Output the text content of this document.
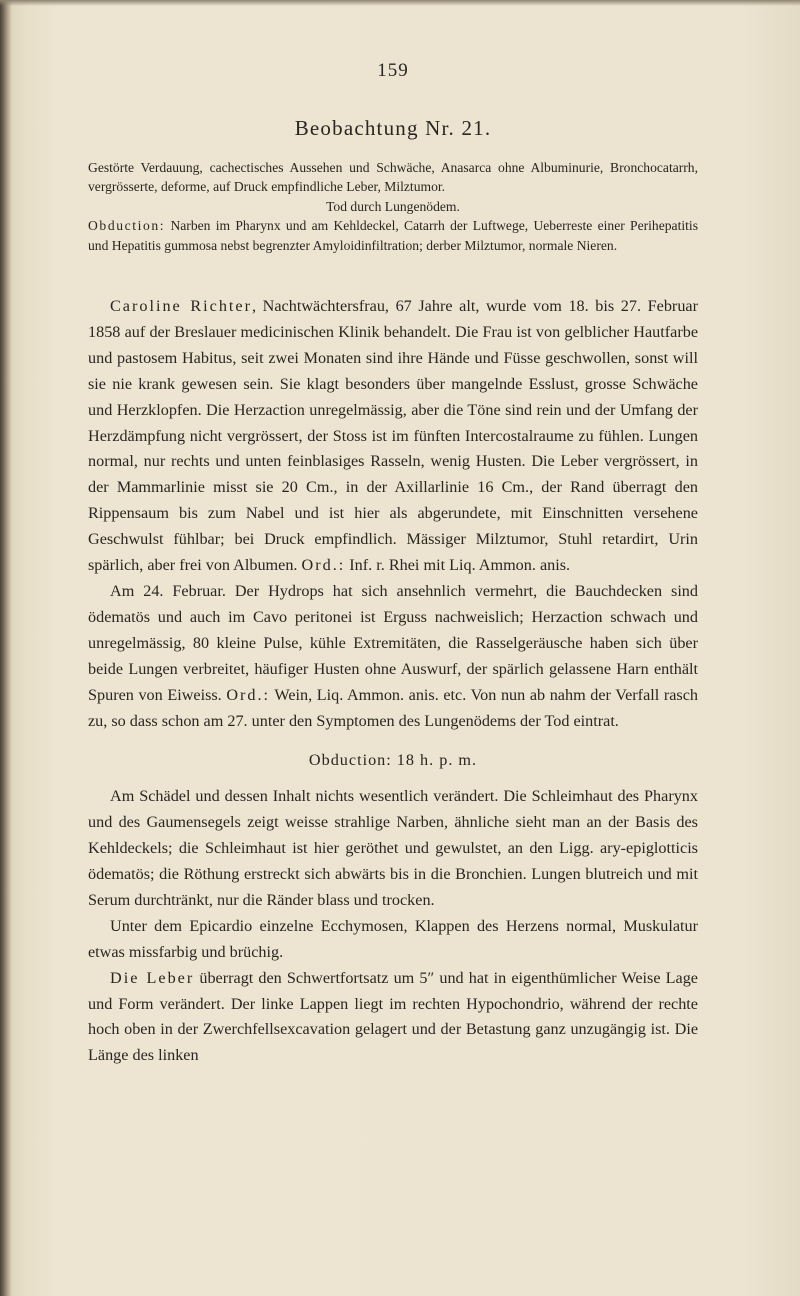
159
Beobachtung Nr. 21.

Gestörte Verdauung, cachectisches Aussehen und Schwäche, Anasarca ohne Albuminurie, Bronchocatarrh, vergrösserte, deforme, auf Druck empfindliche Leber, Milztumor.

Tod durch Lungenödem.

Obduction: Narben im Pharynx und am Kehldeckel, Catarrh der Luftwege, Ueberreste einer Perihepatitis und Hepatitis gummosa nebst begrenzter Amyloidinfiltration; derber Milztumor, normale Nieren.

Caroline Richter, Nachtwächtersfrau, 67 Jahre alt, wurde vom 18. bis 27. Februar 1858 auf der Breslauer medicinischen Klinik behandelt. Die Frau ist von gelblicher Hautfarbe und pastosem Habitus, seit zwei Monaten sind ihre Hände und Füsse geschwollen, sonst will sie nie krank gewesen sein. Sie klagt besonders über mangelnde Esslust, grosse Schwäche und Herzklopfen. Die Herzaction unregelmässig, aber die Töne sind rein und der Umfang der Herzdämpfung nicht vergrössert, der Stoss ist im fünften Intercostalraume zu fühlen. Lungen normal, nur rechts und unten feinblasiges Rasseln, wenig Husten. Die Leber vergrössert, in der Mammarlinie misst sie 20 Cm., in der Axillarlinie 16 Cm., der Rand überragt den Rippensaum bis zum Nabel und ist hier als abgerundete, mit Einschnitten versehene Geschwulst fühlbar; bei Druck empfindlich. Mässiger Milztumor, Stuhl retardirt, Urin spärlich, aber frei von Albumen. Ord.: Inf. r. Rhei mit Liq. Ammon. anis.

Am 24. Februar. Der Hydrops hat sich ansehnlich vermehrt, die Bauchdecken sind ödematös und auch im Cavo peritonei ist Erguss nachweislich; Herzaction schwach und unregelmässig, 80 kleine Pulse, kühle Extremitäten, die Rasselgeräusche haben sich über beide Lungen verbreitet, häufiger Husten ohne Auswurf, der spärlich gelassene Harn enthält Spuren von Eiweiss. Ord.: Wein, Liq. Ammon. anis. etc. Von nun ab nahm der Verfall rasch zu, so dass schon am 27. unter den Symptomen des Lungenödems der Tod eintrat.

Obduction: 18 h. p. m.

Am Schädel und dessen Inhalt nichts wesentlich verändert. Die Schleimhaut des Pharynx und des Gaumensegels zeigt weisse strahlige Narben, ähnliche sieht man an der Basis des Kehldeckels; die Schleimhaut ist hier geröthet und gewulstet, an den Ligg. ary-epiglotticis ödematös; die Röthung erstreckt sich abwärts bis in die Bronchien. Lungen blutreich und mit Serum durchtränkt, nur die Ränder blass und trocken.

Unter dem Epicardio einzelne Ecchymosen, Klappen des Herzens normal, Muskulatur etwas missfarbig und brüchig.

Die Leber überragt den Schwertfortsatz um 5″ und hat in eigenthümlicher Weise Lage und Form verändert. Der linke Lappen liegt im rechten Hypochondrio, während der rechte hoch oben in der Zwerchfellsexcavation gelagert und der Betastung ganz unzugängig ist. Die Länge des linken
